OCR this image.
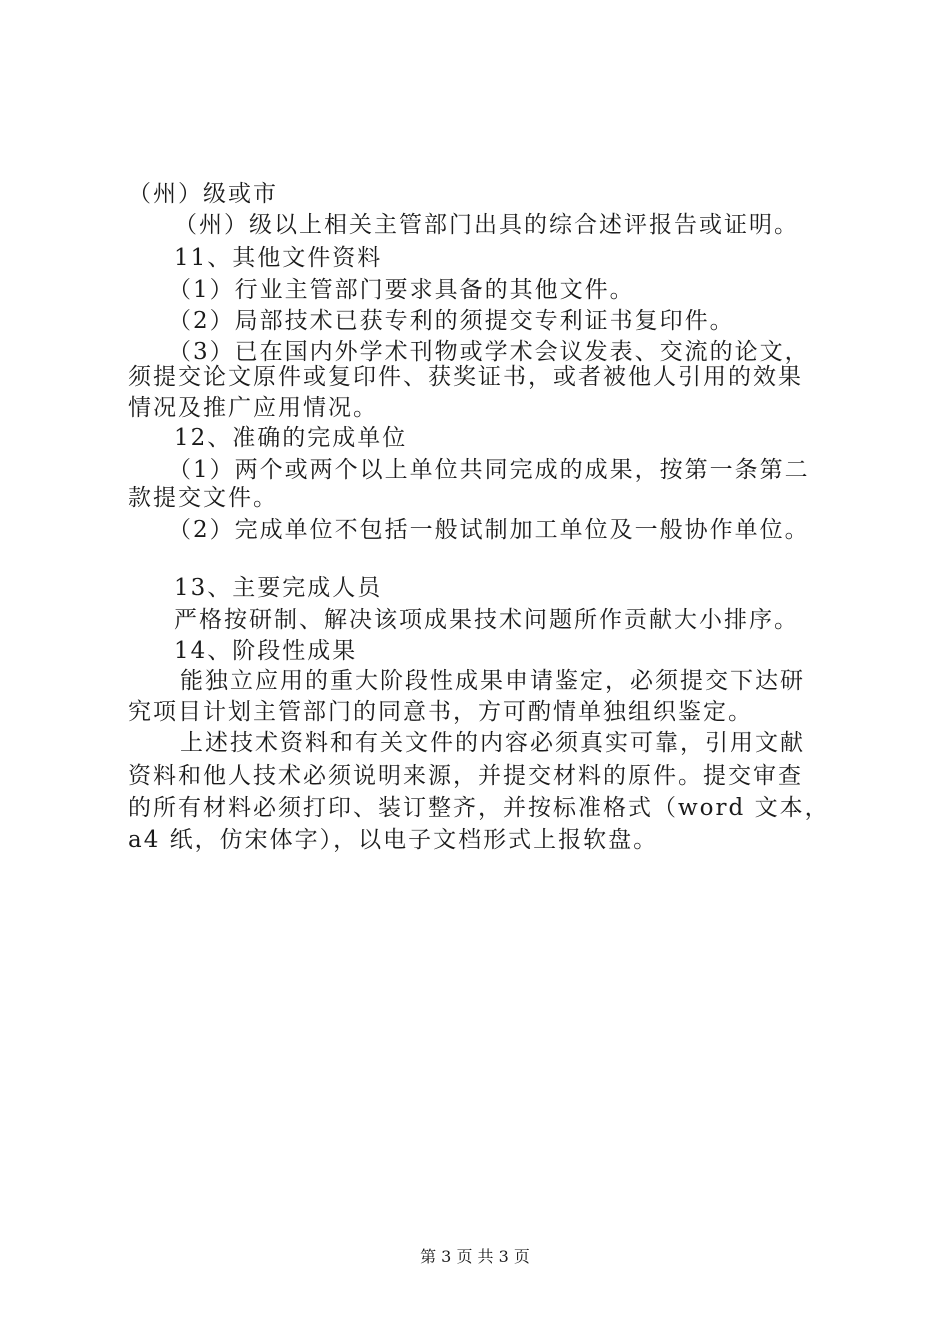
（州）级或市
（州）级以上相关主管部门出具的综合述评报告或证明。
11、其他文件资料
（1）行业主管部门要求具备的其他文件。
（2）局部技术已获专利的须提交专利证书复印件。
（3）已在国内外学术刊物或学术会议发表、交流的论文，
须提交论文原件或复印件、获奖证书，或者被他人引用的效果
情况及推广应用情况。
12、准确的完成单位
（1）两个或两个以上单位共同完成的成果，按第一条第二
款提交文件。
（2）完成单位不包括一般试制加工单位及一般协作单位。
13、主要完成人员
严格按研制、解决该项成果技术问题所作贡献大小排序。
14、阶段性成果
能独立应用的重大阶段性成果申请鉴定，必须提交下达研
究项目计划主管部门的同意书，方可酌情单独组织鉴定。
上述技术资料和有关文件的内容必须真实可靠，引用文献
资料和他人技术必须说明来源，并提交材料的原件。提交审查
的所有材料必须打印、装订整齐，并按标准格式（word 文本，
a4 纸，仿宋体字），以电子文档形式上报软盘。
第 3 页 共 3 页
